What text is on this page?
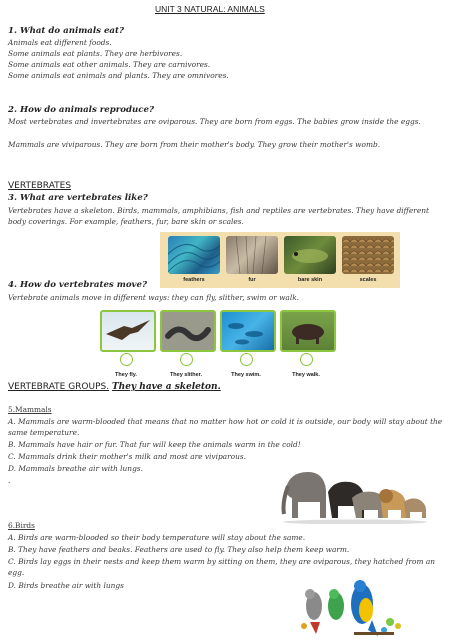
UNIT 3 NATURAL: ANIMALS
1. What do animals eat?
Animals eat different foods.
Some animals eat plants. They are herbivores.
Some animals eat other animals. They are carnivores.
Some animals eat animals and plants. They are omnivores.
2. How do animals reproduce?
Most vertebrates and invertebrates are oviparous. They are born from eggs. The babies grow inside the eggs.
Mammals are viviparous. They are born from their mother's body. They grow their mother's womb.
VERTEBRATES
3. What are vertebrates like?
Vertebrates have a skeleton. Birds, mammals, amphibians, fish and reptiles are vertebrates. They have different body coverings. For example, feathers, fur, bare skin or scales.
feathers	fur	bare skin	scales
4. How do vertebrates move?
Vertebrate animals move in different ways: they can fly, slither, swim or walk.
They fly.	They slither.	They swim.	They walk.
VERTEBRATE GROUPS. They have a skeleton.
5.Mammals
A. Mammals are warm-blooded that means that no matter how hot or cold it is outside, our body will stay about the same temperature.
B. Mammals have hair or fur. That fur will keep the animals warm in the cold!
C. Mammals drink their mother's milk and most are viviparous.
D. Mammals breathe air with lungs.
.
6.Birds
A. Birds are warm-blooded so their body temperature will stay about the same.
B. They have feathers and beaks. Feathers are used to fly. They also help them keep warm.
C. Birds lay eggs in their nests and keep them warm by sitting on them, they are oviparous, they hatched from an egg.
D. Birds breathe air with lungs
